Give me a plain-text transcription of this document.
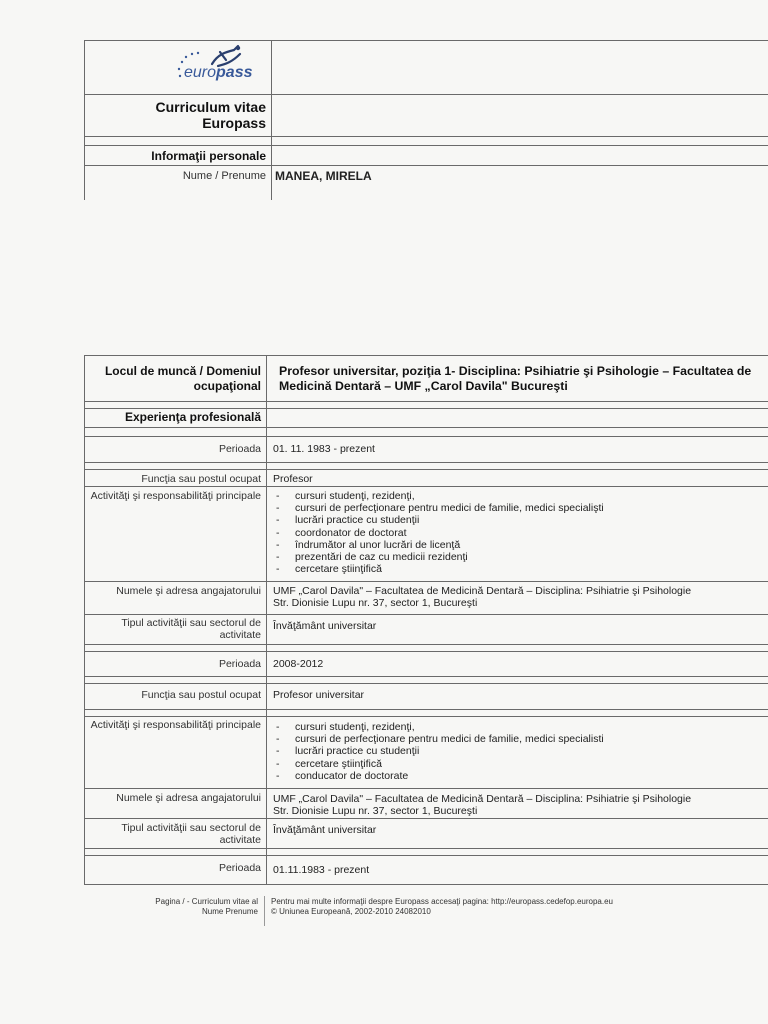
europass
Curriculum vitae
Europass
Informaţii personale
Nume / Prenume MANEA, MIRELA
Locul de muncă / Domeniul
ocupaţional
Profesor universitar, poziţia 1- Disciplina: Psihiatrie şi Psihologie – Facultatea de
Medicină Dentară – UMF „Carol Davila" Bucureşti
Experienţa profesională
Perioada 01. 11. 1983 - prezent
Funcţia sau postul ocupat Profesor
Activităţi şi responsabilităţi principale	- cursuri studenţi, rezidenţi,
- cursuri de perfecţionare pentru medici de familie, medici specialişti
- lucrări practice cu studenţii
- coordonator de doctorat
- îndrumător al unor lucrări de licenţă
- prezentări de caz cu medicii rezidenţi
- cercetare ştiinţifică
Numele şi adresa angajatorului UMF „Carol Davila" – Facultatea de Medicină Dentară – Disciplina: Psihiatrie şi Psihologie
Str. Dionisie Lupu nr. 37, sector 1, Bucureşti
Tipul activităţii sau sectorul de
activitate
Învăţământ universitar
Perioada 2008-2012
Funcţia sau postul ocupat Profesor universitar
Activităţi şi responsabilităţi principale	- cursuri studenţi, rezidenţi,
- cursuri de perfecţionare pentru medici de familie, medici specialisti
- lucrări practice cu studenţii
- cercetare ştiinţifică
- conducator de doctorate
Numele şi adresa angajatorului UMF „Carol Davila" – Facultatea de Medicină Dentară – Disciplina: Psihiatrie şi Psihologie
Str. Dionisie Lupu nr. 37, sector 1, Bucureşti
Tipul activităţii sau sectorul de
activitate
Învăţământ universitar
Perioada 01.11.1983 - prezent
Pagina / - Curriculum vitae al
Nume Prenume
Pentru mai multe informaţii despre Europass accesaţi pagina: http://europass.cedefop.europa.eu
© Uniunea Europeană, 2002-2010 24082010
